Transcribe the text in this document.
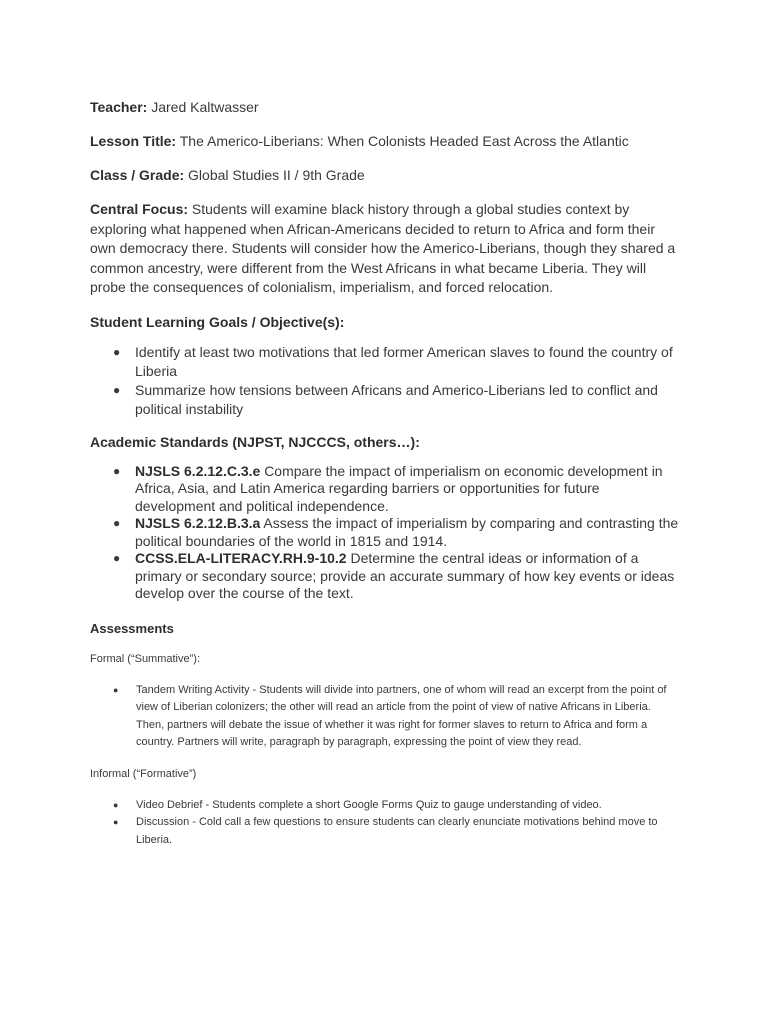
Teacher: Jared Kaltwasser

Lesson Title: The Americo-Liberians: When Colonists Headed East Across the Atlantic

Class / Grade: Global Studies II / 9th Grade

Central Focus: Students will examine black history through a global studies context by exploring what happened when African-Americans decided to return to Africa and form their own democracy there. Students will consider how the Americo-Liberians, though they shared a common ancestry, were different from the West Africans in what became Liberia. They will probe the consequences of colonialism, imperialism, and forced relocation.

Student Learning Goals / Objective(s):

● Identify at least two motivations that led former American slaves to found the country of Liberia
● Summarize how tensions between Africans and Americo-Liberians led to conflict and political instability

Academic Standards (NJPST, NJCCCS, others…):

● NJSLS 6.2.12.C.3.e Compare the impact of imperialism on economic development in Africa, Asia, and Latin America regarding barriers or opportunities for future development and political independence.
● NJSLS 6.2.12.B.3.a Assess the impact of imperialism by comparing and contrasting the political boundaries of the world in 1815 and 1914.
● CCSS.ELA-LITERACY.RH.9-10.2 Determine the central ideas or information of a primary or secondary source; provide an accurate summary of how key events or ideas develop over the course of the text.

Assessments

Formal (“Summative”):

● Tandem Writing Activity - Students will divide into partners, one of whom will read an excerpt from the point of view of Liberian colonizers; the other will read an article from the point of view of native Africans in Liberia. Then, partners will debate the issue of whether it was right for former slaves to return to Africa and form a country. Partners will write, paragraph by paragraph, expressing the point of view they read.

Informal (“Formative”)

● Video Debrief - Students complete a short Google Forms Quiz to gauge understanding of video.
● Discussion - Cold call a few questions to ensure students can clearly enunciate motivations behind move to Liberia.
